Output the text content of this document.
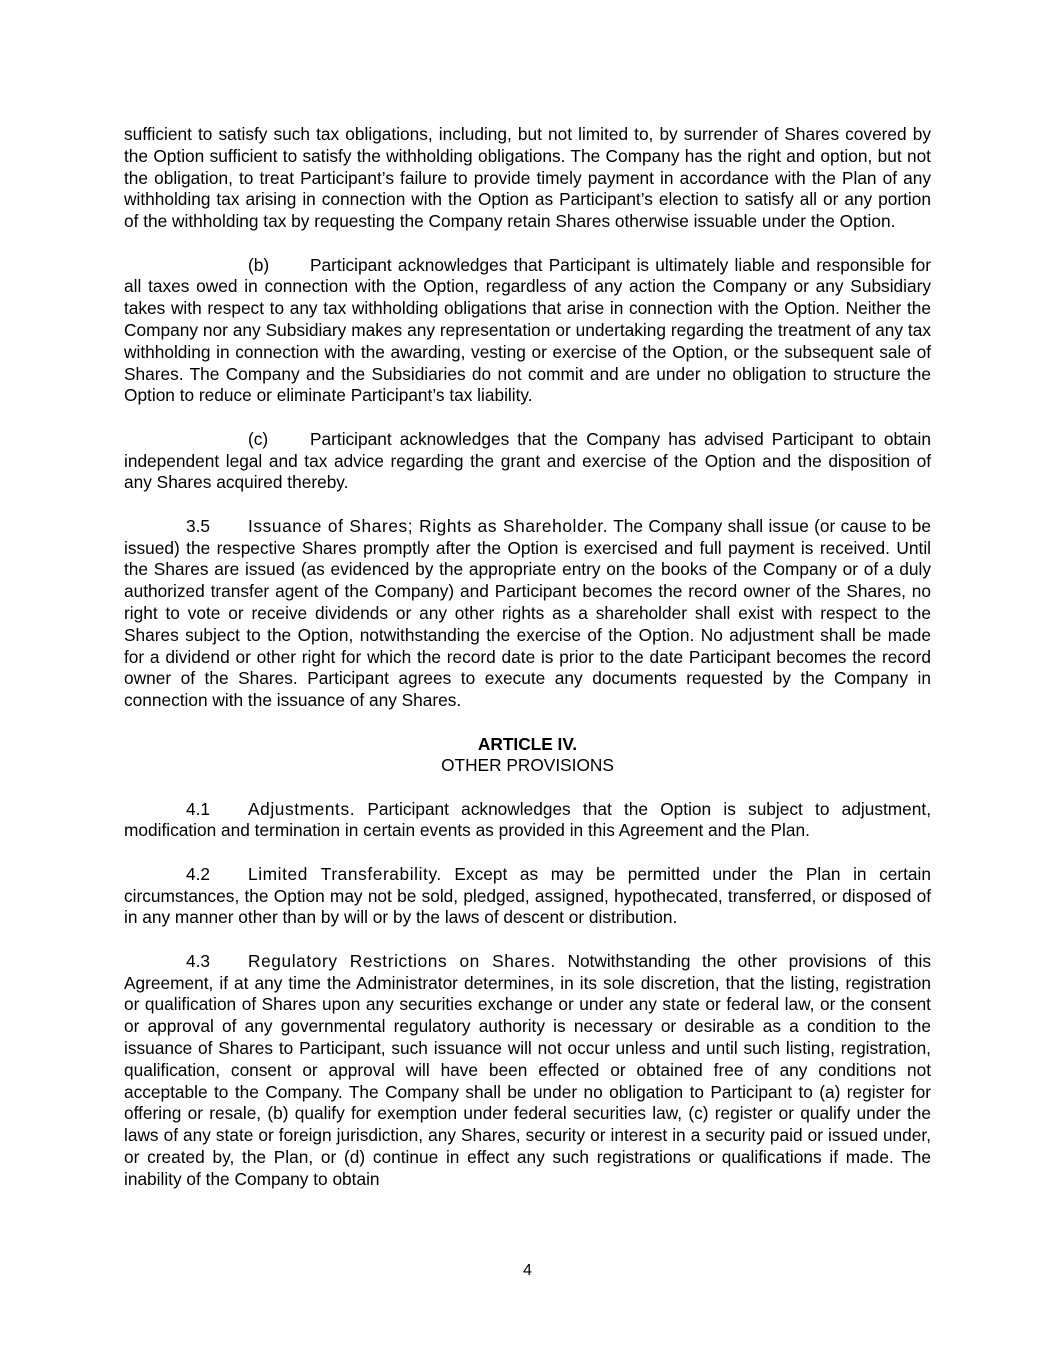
sufficient to satisfy such tax obligations, including, but not limited to, by surrender of Shares covered by the Option sufficient to satisfy the withholding obligations. The Company has the right and option, but not the obligation, to treat Participant’s failure to provide timely payment in accordance with the Plan of any withholding tax arising in connection with the Option as Participant’s election to satisfy all or any portion of the withholding tax by requesting the Company retain Shares otherwise issuable under the Option.

(b) Participant acknowledges that Participant is ultimately liable and responsible for all taxes owed in connection with the Option, regardless of any action the Company or any Subsidiary takes with respect to any tax withholding obligations that arise in connection with the Option. Neither the Company nor any Subsidiary makes any representation or undertaking regarding the treatment of any tax withholding in connection with the awarding, vesting or exercise of the Option, or the subsequent sale of Shares. The Company and the Subsidiaries do not commit and are under no obligation to structure the Option to reduce or eliminate Participant’s tax liability.

(c) Participant acknowledges that the Company has advised Participant to obtain independent legal and tax advice regarding the grant and exercise of the Option and the disposition of any Shares acquired thereby.

3.5 Issuance of Shares; Rights as Shareholder. The Company shall issue (or cause to be issued) the respective Shares promptly after the Option is exercised and full payment is received. Until the Shares are issued (as evidenced by the appropriate entry on the books of the Company or of a duly authorized transfer agent of the Company) and Participant becomes the record owner of the Shares, no right to vote or receive dividends or any other rights as a shareholder shall exist with respect to the Shares subject to the Option, notwithstanding the exercise of the Option. No adjustment shall be made for a dividend or other right for which the record date is prior to the date Participant becomes the record owner of the Shares. Participant agrees to execute any documents requested by the Company in connection with the issuance of any Shares.

ARTICLE IV.
OTHER PROVISIONS

4.1 Adjustments. Participant acknowledges that the Option is subject to adjustment, modification and termination in certain events as provided in this Agreement and the Plan.

4.2 Limited Transferability. Except as may be permitted under the Plan in certain circumstances, the Option may not be sold, pledged, assigned, hypothecated, transferred, or disposed of in any manner other than by will or by the laws of descent or distribution.

4.3 Regulatory Restrictions on Shares. Notwithstanding the other provisions of this Agreement, if at any time the Administrator determines, in its sole discretion, that the listing, registration or qualification of Shares upon any securities exchange or under any state or federal law, or the consent or approval of any governmental regulatory authority is necessary or desirable as a condition to the issuance of Shares to Participant, such issuance will not occur unless and until such listing, registration, qualification, consent or approval will have been effected or obtained free of any conditions not acceptable to the Company. The Company shall be under no obligation to Participant to (a) register for offering or resale, (b) qualify for exemption under federal securities law, (c) register or qualify under the laws of any state or foreign jurisdiction, any Shares, security or interest in a security paid or issued under, or created by, the Plan, or (d) continue in effect any such registrations or qualifications if made. The inability of the Company to obtain

4
